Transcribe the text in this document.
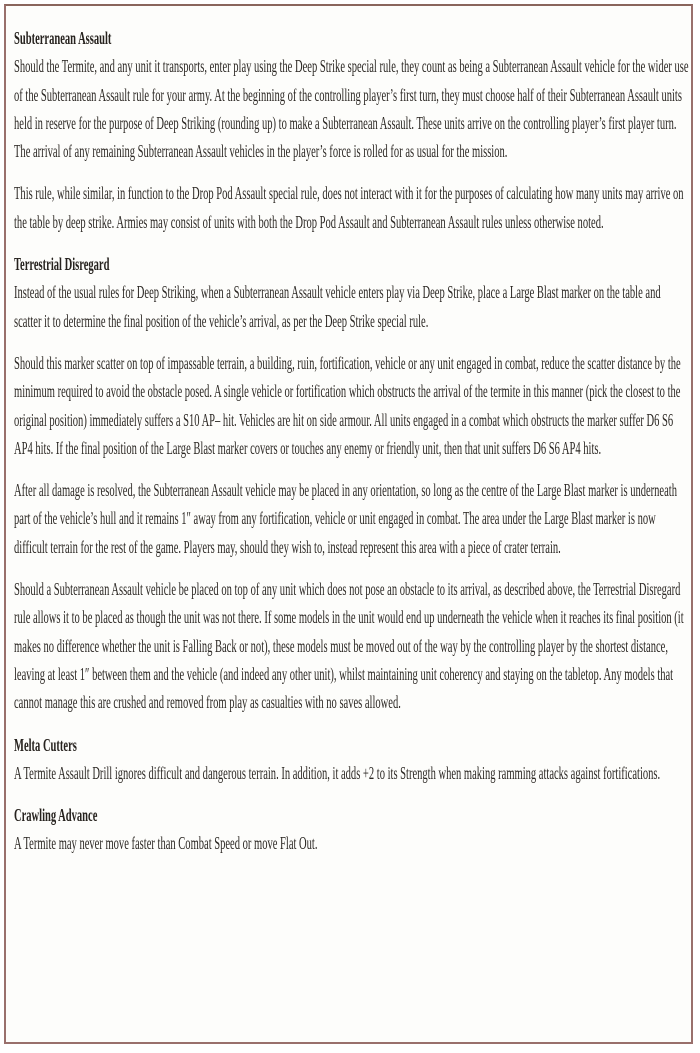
Subterranean Assault

Should the Termite, and any unit it transports, enter play using the Deep Strike special rule, they count as being a Subterranean Assault vehicle for the wider use of the Subterranean Assault rule for your army. At the beginning of the controlling player’s first turn, they must choose half of their Subterranean Assault units held in reserve for the purpose of Deep Striking (rounding up) to make a Subterranean Assault. These units arrive on the controlling player’s first player turn. The arrival of any remaining Subterranean Assault vehicles in the player’s force is rolled for as usual for the mission.

This rule, while similar, in function to the Drop Pod Assault special rule, does not interact with it for the purposes of calculating how many units may arrive on the table by deep strike. Armies may consist of units with both the Drop Pod Assault and Subterranean Assault rules unless otherwise noted.

Terrestrial Disregard

Instead of the usual rules for Deep Striking, when a Subterranean Assault vehicle enters play via Deep Strike, place a Large Blast marker on the table and scatter it to determine the final position of the vehicle’s arrival, as per the Deep Strike special rule.

Should this marker scatter on top of impassable terrain, a building, ruin, fortification, vehicle or any unit engaged in combat, reduce the scatter distance by the minimum required to avoid the obstacle posed. A single vehicle or fortification which obstructs the arrival of the termite in this manner (pick the closest to the original position) immediately suffers a S10 AP– hit. Vehicles are hit on side armour. All units engaged in a combat which obstructs the marker suffer D6 S6 AP4 hits. If the final position of the Large Blast marker covers or touches any enemy or friendly unit, then that unit suffers D6 S6 AP4 hits.

After all damage is resolved, the Subterranean Assault vehicle may be placed in any orientation, so long as the centre of the Large Blast marker is underneath part of the vehicle’s hull and it remains 1″ away from any fortification, vehicle or unit engaged in combat. The area under the Large Blast marker is now difficult terrain for the rest of the game. Players may, should they wish to, instead represent this area with a piece of crater terrain.

Should a Subterranean Assault vehicle be placed on top of any unit which does not pose an obstacle to its arrival, as described above, the Terrestrial Disregard rule allows it to be placed as though the unit was not there. If some models in the unit would end up underneath the vehicle when it reaches its final position (it makes no difference whether the unit is Falling Back or not), these models must be moved out of the way by the controlling player by the shortest distance, leaving at least 1″ between them and the vehicle (and indeed any other unit), whilst maintaining unit coherency and staying on the tabletop. Any models that cannot manage this are crushed and removed from play as casualties with no saves allowed.

Melta Cutters

A Termite Assault Drill ignores difficult and dangerous terrain. In addition, it adds +2 to its Strength when making ramming attacks against fortifications.

Crawling Advance

A Termite may never move faster than Combat Speed or move Flat Out.
